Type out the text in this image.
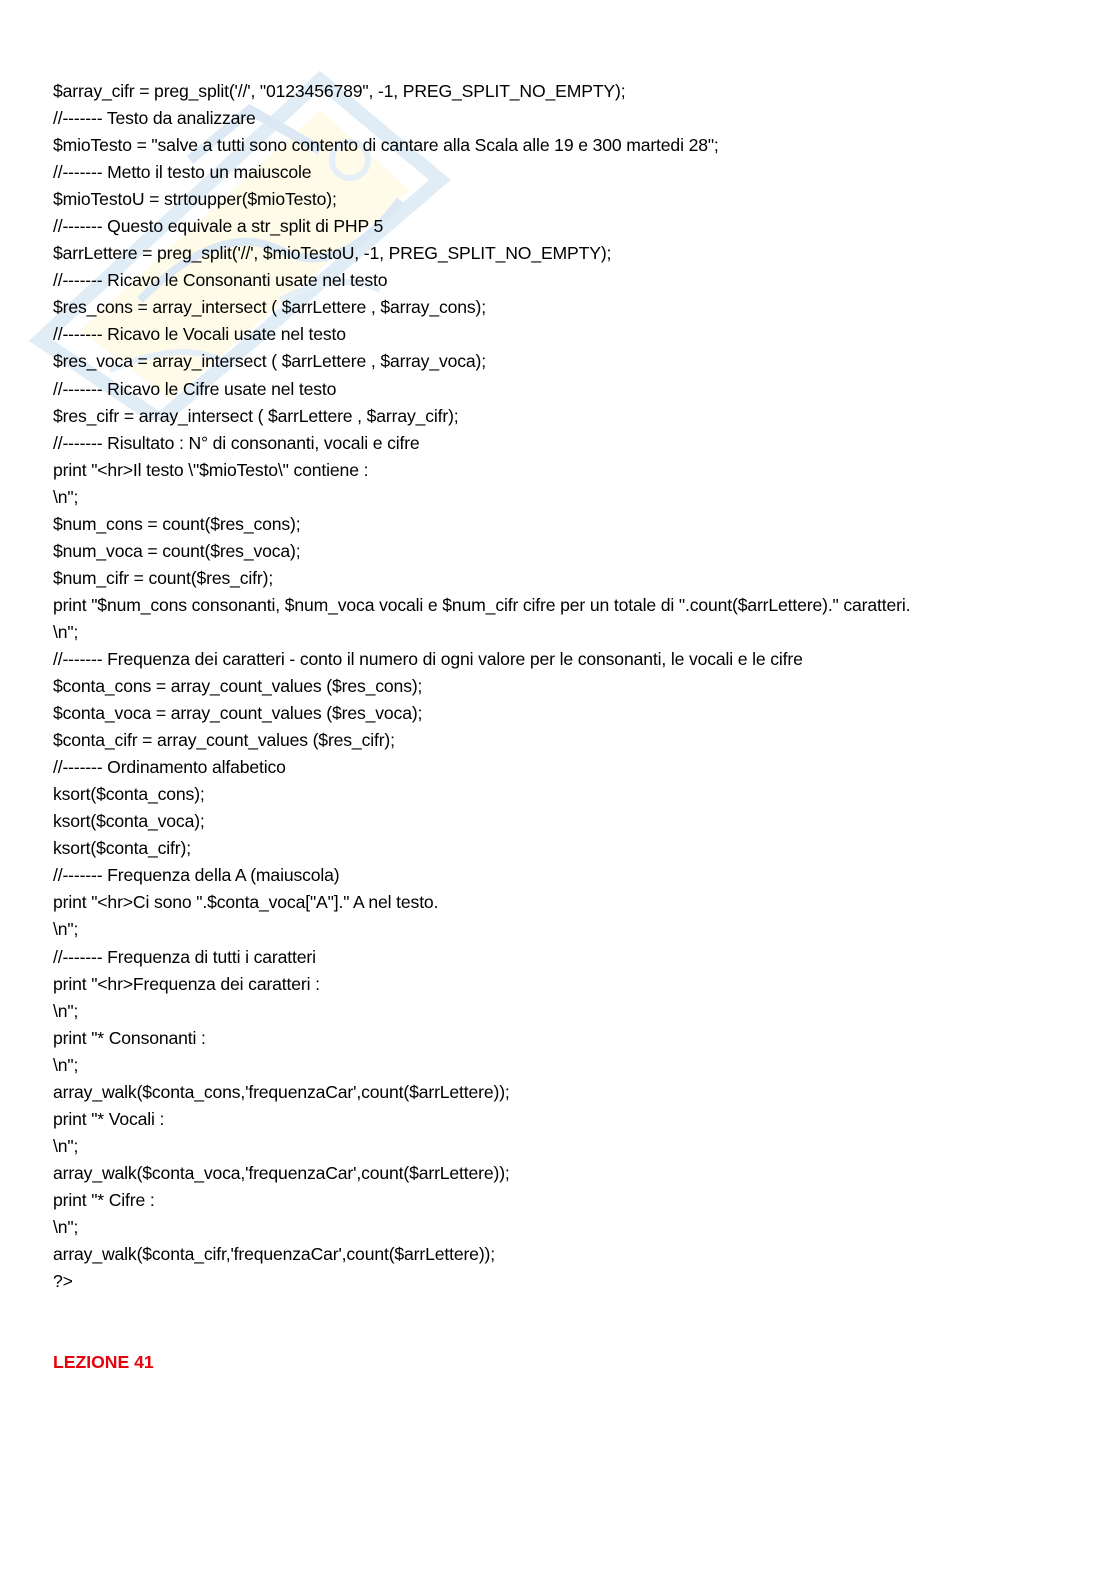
$array_cifr = preg_split('//', "0123456789", -1, PREG_SPLIT_NO_EMPTY);
//------- Testo da analizzare
$mioTesto = "salve a tutti sono contento di cantare alla Scala alle 19 e 300 martedi 28";
//------- Metto il testo un maiuscole
$mioTestoU = strtoupper($mioTesto);
//------- Questo equivale a str_split di PHP 5
$arrLettere = preg_split('//', $mioTestoU, -1, PREG_SPLIT_NO_EMPTY);
//------- Ricavo le Consonanti usate nel testo
$res_cons = array_intersect ( $arrLettere , $array_cons);
//------- Ricavo le Vocali usate nel testo
$res_voca = array_intersect ( $arrLettere , $array_voca);
//------- Ricavo le Cifre usate nel testo
$res_cifr = array_intersect ( $arrLettere , $array_cifr);
//------- Risultato : N° di consonanti, vocali e cifre
print "<hr>Il testo \"$mioTesto\" contiene :
\n";
$num_cons = count($res_cons);
$num_voca = count($res_voca);
$num_cifr = count($res_cifr);
print "$num_cons consonanti, $num_voca vocali e $num_cifr cifre per un totale di ".count($arrLettere)." caratteri.
\n";
//------- Frequenza dei caratteri - conto il numero di ogni valore per le consonanti, le vocali e le cifre
$conta_cons = array_count_values ($res_cons);
$conta_voca = array_count_values ($res_voca);
$conta_cifr = array_count_values ($res_cifr);
//------- Ordinamento alfabetico
ksort($conta_cons);
ksort($conta_voca);
ksort($conta_cifr);
//------- Frequenza della A (maiuscola)
print "<hr>Ci sono ".$conta_voca["A"]." A nel testo.
\n";
//------- Frequenza di tutti i caratteri
print "<hr>Frequenza dei caratteri :
\n";
print "* Consonanti :
\n";
array_walk($conta_cons,'frequenzaCar',count($arrLettere));
print "* Vocali :
\n";
array_walk($conta_voca,'frequenzaCar',count($arrLettere));
print "* Cifre :
\n";
array_walk($conta_cifr,'frequenzaCar',count($arrLettere));
?>
LEZIONE 41
